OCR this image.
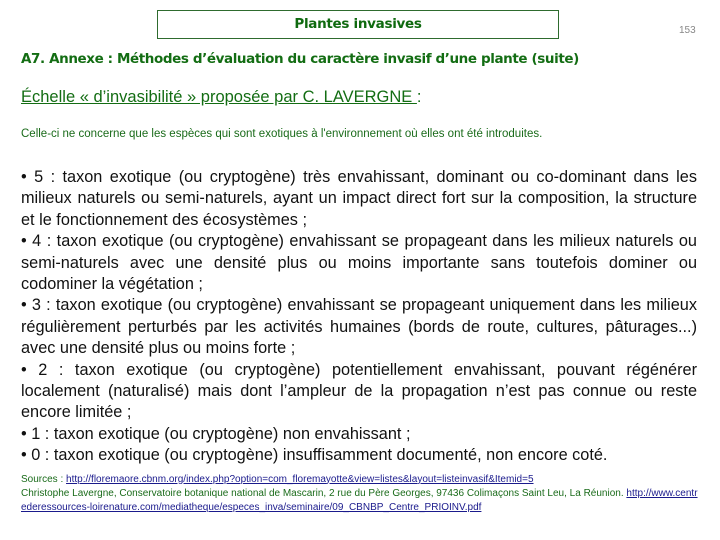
Plantes invasives	153
A7. Annexe : Méthodes d’évaluation du caractère invasif d’une plante (suite)
Échelle « d’invasibilité » proposée par C. LAVERGNE :
Celle-ci ne concerne que les espèces qui sont exotiques à l'environnement où elles ont été introduites.

• 5 : taxon exotique (ou cryptogène) très envahissant, dominant ou co-dominant dans les milieux naturels ou semi-naturels, ayant un impact direct fort sur la composition, la structure et le fonctionnement des écosystèmes ;

• 4 : taxon exotique (ou cryptogène) envahissant se propageant dans les milieux naturels ou semi-naturels avec une densité plus ou moins importante sans toutefois dominer ou codominer la végétation ;

• 3 : taxon exotique (ou cryptogène) envahissant se propageant uniquement dans les milieux régulièrement perturbés par les activités humaines (bords de route, cultures, pâturages...) avec une densité plus ou moins forte ;

• 2 : taxon exotique (ou cryptogène) potentiellement envahissant, pouvant régénérer localement (naturalisé) mais dont l’ampleur de la propagation n’est pas connue ou reste encore limitée ;

• 1 : taxon exotique (ou cryptogène) non envahissant ;

• 0 : taxon exotique (ou cryptogène) insuffisamment documenté, non encore coté.

Sources : http://floremaore.cbnm.org/index.php?option=com_floremayotte&view=listes&layout=listeinvasif&Itemid=5
Christophe Lavergne, Conservatoire botanique national de Mascarin, 2 rue du Père Georges, 97436 Colimaçons Saint Leu, La Réunion. http://www.centrederessources-loirenature.com/mediatheque/especes_inva/seminaire/09_CBNBP_Centre_PRIOINV.pdf
